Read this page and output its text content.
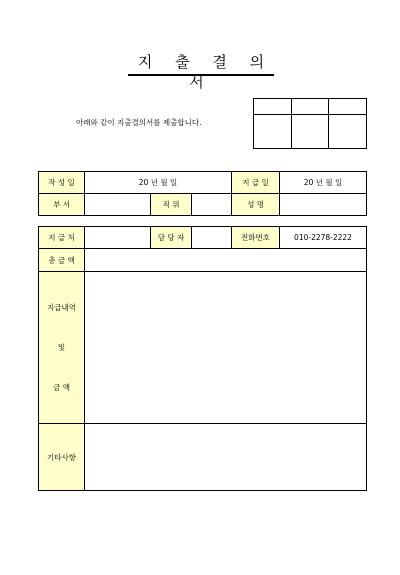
지 출 결 의 서
아래와 같이 지출결의서를 제출합니다.

작 성 일	20 년 월 일			지 급 일	20 년 월 일
부 서		직 위		성 명	
지 급 처		담 당 자		전화번호	010-2278-2222
총 금 액					

지급내역
및
금 액					

기타사항					
